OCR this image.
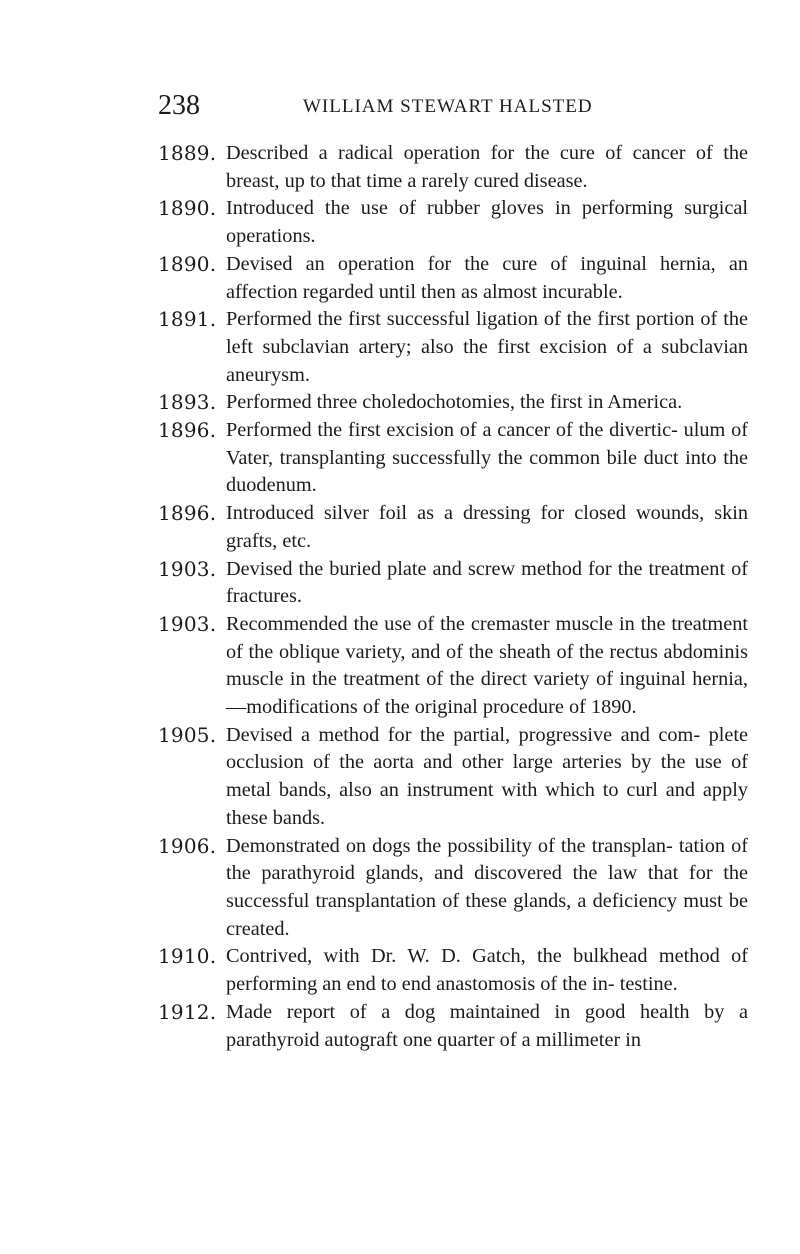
238	WILLIAM STEWART HALSTED
1889. Described a radical operation for the cure of cancer of the breast, up to that time a rarely cured disease.
1890. Introduced the use of rubber gloves in performing surgical operations.
1890. Devised an operation for the cure of inguinal hernia, an affection regarded until then as almost incurable.
1891. Performed the first successful ligation of the first portion of the left subclavian artery; also the first excision of a subclavian aneurysm.
1893. Performed three choledochotomies, the first in America.
1896. Performed the first excision of a cancer of the divertic- ulum of Vater, transplanting successfully the common bile duct into the duodenum.
1896. Introduced silver foil as a dressing for closed wounds, skin grafts, etc.
1903. Devised the buried plate and screw method for the treatment of fractures.
1903. Recommended the use of the cremaster muscle in the treatment of the oblique variety, and of the sheath of the rectus abdominis muscle in the treatment of the direct variety of inguinal hernia,—modifications of the original procedure of 1890.
1905. Devised a method for the partial, progressive and com- plete occlusion of the aorta and other large arteries by the use of metal bands, also an instrument with which to curl and apply these bands.
1906. Demonstrated on dogs the possibility of the transplan- tation of the parathyroid glands, and discovered the law that for the successful transplantation of these glands, a deficiency must be created.
1910. Contrived, with Dr. W. D. Gatch, the bulkhead method of performing an end to end anastomosis of the in- testine.
1912. Made report of a dog maintained in good health by a parathyroid autograft one quarter of a millimeter in
